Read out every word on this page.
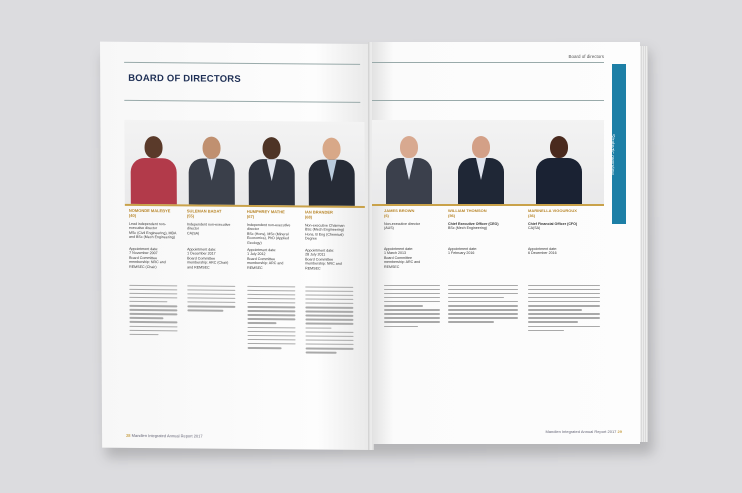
BOARD OF DIRECTORS
NOMONDE MALEBYE
(40)
Lead independent non-executive director
MSc (Civil Engineering), MBA and BSc (Mech Engineering)
Appointment date:
7 November 2007
Board Committee membership: NRC and REMSEC (Chair)
SULEMAN BADAT
(55)
Independent non-executive director
CA(SA)
Appointment date:
1 December 2017
Board Committee membership: ARC (Chair) and REMSEC
HUMPHREY MATHE
(67)
Independent non-executive director
BSc (Hons), MSc (Mineral Economics), PhD (Applied Geology)
Appointment date:
1 July 2012
Board Committee membership: ARC and REMSEC
IAN BRANDER
(68)
Non-executive Chairman
BSc (Mech Engineering) Hons, B Eng (Chemical) Degree
Appointment date:
28 July 2011
Board Committee membership: NRC and REMSEC
28 Mandlen Integrated Annual Report 2017
Board of directors
Strategic overview
JAMES BROWN
(6)
Non-executive director
(AUS)
Appointment date:
1 March 2013
Board Committee membership: ARC and REMSEC
WILLIAM THOMSON
(56)
Chief Executive Officer (CEO)
BSc (Mech Engineering)
Appointment date:
1 February 2016
MARINELLA VIGOUROUX
(36)
Chief Financial Officer (CFO)
CA(SA)
Appointment date:
6 December 2016
Mandlen Integrated Annual Report 2017 29
